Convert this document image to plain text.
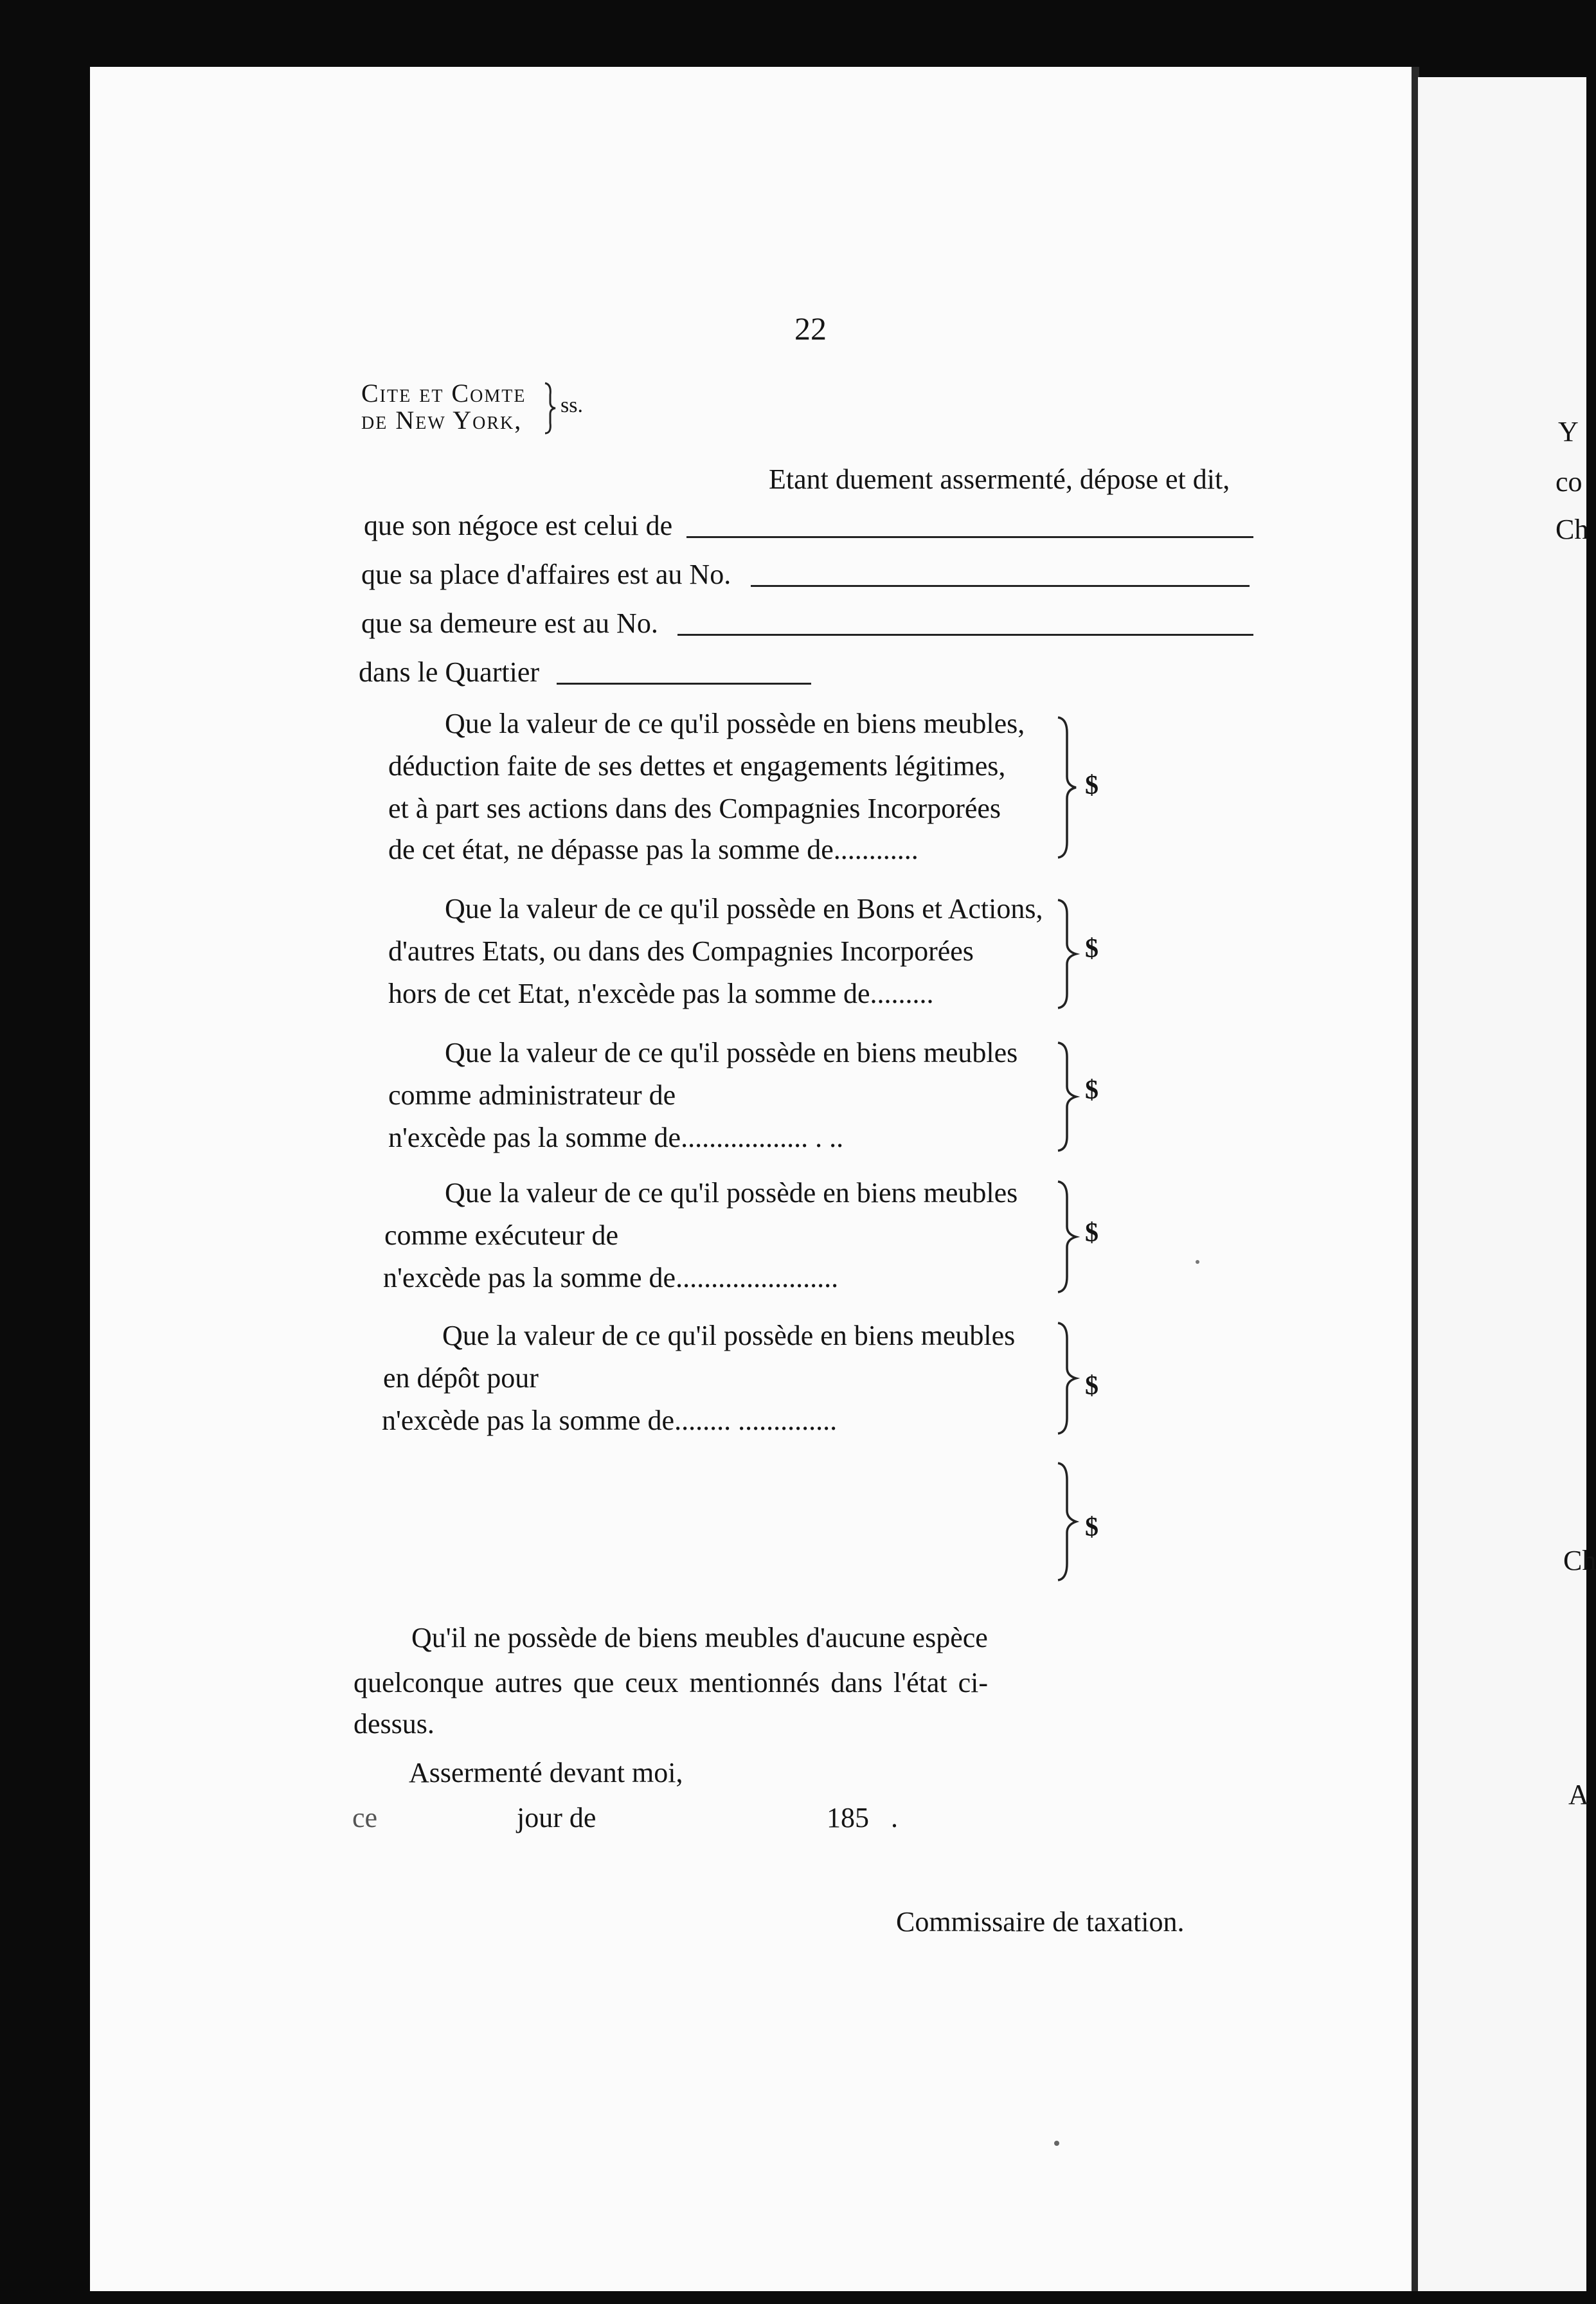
22
Cite et Comte
de New York,
ss.
Etant duement assermenté, dépose et dit,
que son négoce est celui de
que sa place d'affaires est au No.
que sa demeure est au No.
dans le Quartier
Que la valeur de ce qu'il possède en biens meubles,
déduction faite de ses dettes et engagements légitimes,
et à part ses actions dans des Compagnies Incorporées
de cet état, ne dépasse pas la somme de............
$
Que la valeur de ce qu'il possède en Bons et Actions,
d'autres Etats, ou dans des Compagnies Incorporées
hors de cet Etat, n'excède pas la somme de.........
$
Que la valeur de ce qu'il possède en biens meubles
comme administrateur de
n'excède pas la somme de.................. . ..
$
Que la valeur de ce qu'il possède en biens meubles
comme exécuteur de
n'excède pas la somme de.......................
$
Que la valeur de ce qu'il possède en biens meubles
en dépôt pour
n'excède pas la somme de........ ..............
$
$
Qu'il ne possède de biens meubles d'aucune espèce
quelconque autres que ceux mentionnés dans l'état ci-
dessus.
Assermenté devant moi,
ce	jour de	185 .
Commissaire de taxation.
Y
co
Ch
Ch
A
